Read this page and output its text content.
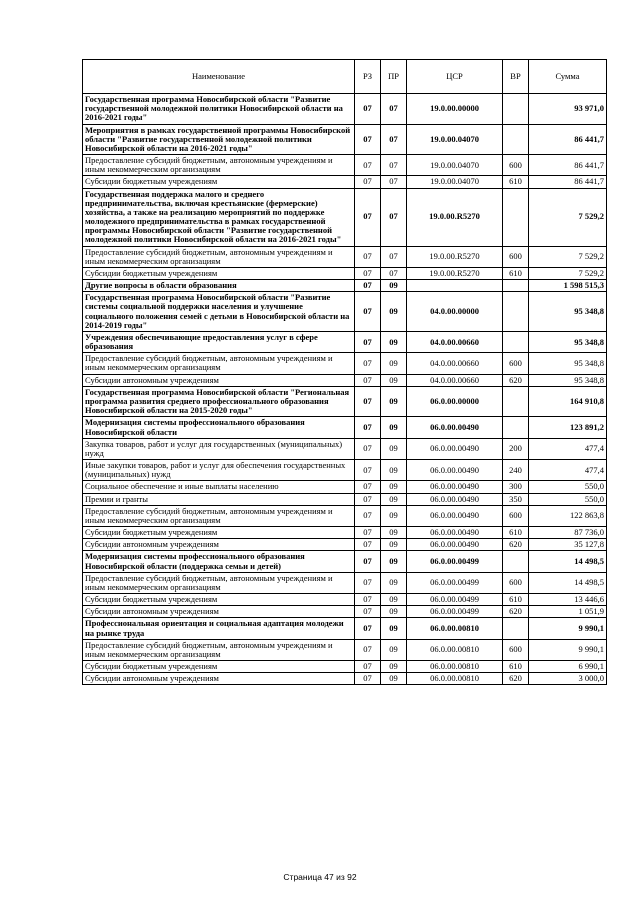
Наименование	РЗ	ПР	ЦСР	ВР	Сумма
Государственная программа Новосибирской области "Развитие государственной молодежной политики Новосибирской области на 2016-2021 годы"	07	07	19.0.00.00000		93 971,0
Мероприятия в рамках государственной программы Новосибирской области "Развитие государственной молодежной политики Новосибирской области на 2016-2021 годы"	07	07	19.0.00.04070		86 441,7
Предоставление субсидий бюджетным, автономным учреждениям и иным некоммерческим организациям	07	07	19.0.00.04070	600	86 441,7
Субсидии бюджетным учреждениям	07	07	19.0.00.04070	610	86 441,7
Государственная поддержка малого и среднего предпринимательства, включая крестьянские (фермерские) хозяйства, а также на реализацию мероприятий по поддержке молодежного предпринимательства в рамках государственной программы Новосибирской области "Развитие государственной молодежной политики Новосибирской области на 2016-2021 годы"	07	07	19.0.00.R5270		7 529,2
Предоставление субсидий бюджетным, автономным учреждениям и иным некоммерческим организациям	07	07	19.0.00.R5270	600	7 529,2
Субсидии бюджетным учреждениям	07	07	19.0.00.R5270	610	7 529,2
Другие вопросы в области образования	07	09			1 598 515,3
Государственная программа Новосибирской области "Развитие системы социальной поддержки населения и улучшение социального положения семей с детьми в Новосибирской области на 2014-2019 годы"	07	09	04.0.00.00000		95 348,8
Учреждения обеспечивающие предоставления услуг в сфере образования	07	09	04.0.00.00660		95 348,8
Предоставление субсидий бюджетным, автономным учреждениям и иным некоммерческим организациям	07	09	04.0.00.00660	600	95 348,8
Субсидии автономным учреждениям	07	09	04.0.00.00660	620	95 348,8
Государственная программа Новосибирской области "Региональная программа развития среднего профессионального образования Новосибирской области на 2015-2020 годы"	07	09	06.0.00.00000		164 910,8
Модернизация системы профессионального образования Новосибирской области	07	09	06.0.00.00490		123 891,2
Закупка товаров, работ и услуг для государственных (муниципальных) нужд	07	09	06.0.00.00490	200	477,4
Иные закупки товаров, работ и услуг для обеспечения государственных (муниципальных) нужд	07	09	06.0.00.00490	240	477,4
Социальное обеспечение и иные выплаты населению	07	09	06.0.00.00490	300	550,0
Премии и гранты	07	09	06.0.00.00490	350	550,0
Предоставление субсидий бюджетным, автономным учреждениям и иным некоммерческим организациям	07	09	06.0.00.00490	600	122 863,8
Субсидии бюджетным учреждениям	07	09	06.0.00.00490	610	87 736,0
Субсидии автономным учреждениям	07	09	06.0.00.00490	620	35 127,8
Модернизация системы профессионального образования Новосибирской области (поддержка семьи и детей)	07	09	06.0.00.00499		14 498,5
Предоставление субсидий бюджетным, автономным учреждениям и иным некоммерческим организациям	07	09	06.0.00.00499	600	14 498,5
Субсидии бюджетным учреждениям	07	09	06.0.00.00499	610	13 446,6
Субсидии автономным учреждениям	07	09	06.0.00.00499	620	1 051,9
Профессиональная ориентация и социальная адаптация молодежи на рынке труда	07	09	06.0.00.00810		9 990,1
Предоставление субсидий бюджетным, автономным учреждениям и иным некоммерческим организациям	07	09	06.0.00.00810	600	9 990,1
Субсидии бюджетным учреждениям	07	09	06.0.00.00810	610	6 990,1
Субсидии автономным учреждениям	07	09	06.0.00.00810	620	3 000,0
Страница 47 из 92
